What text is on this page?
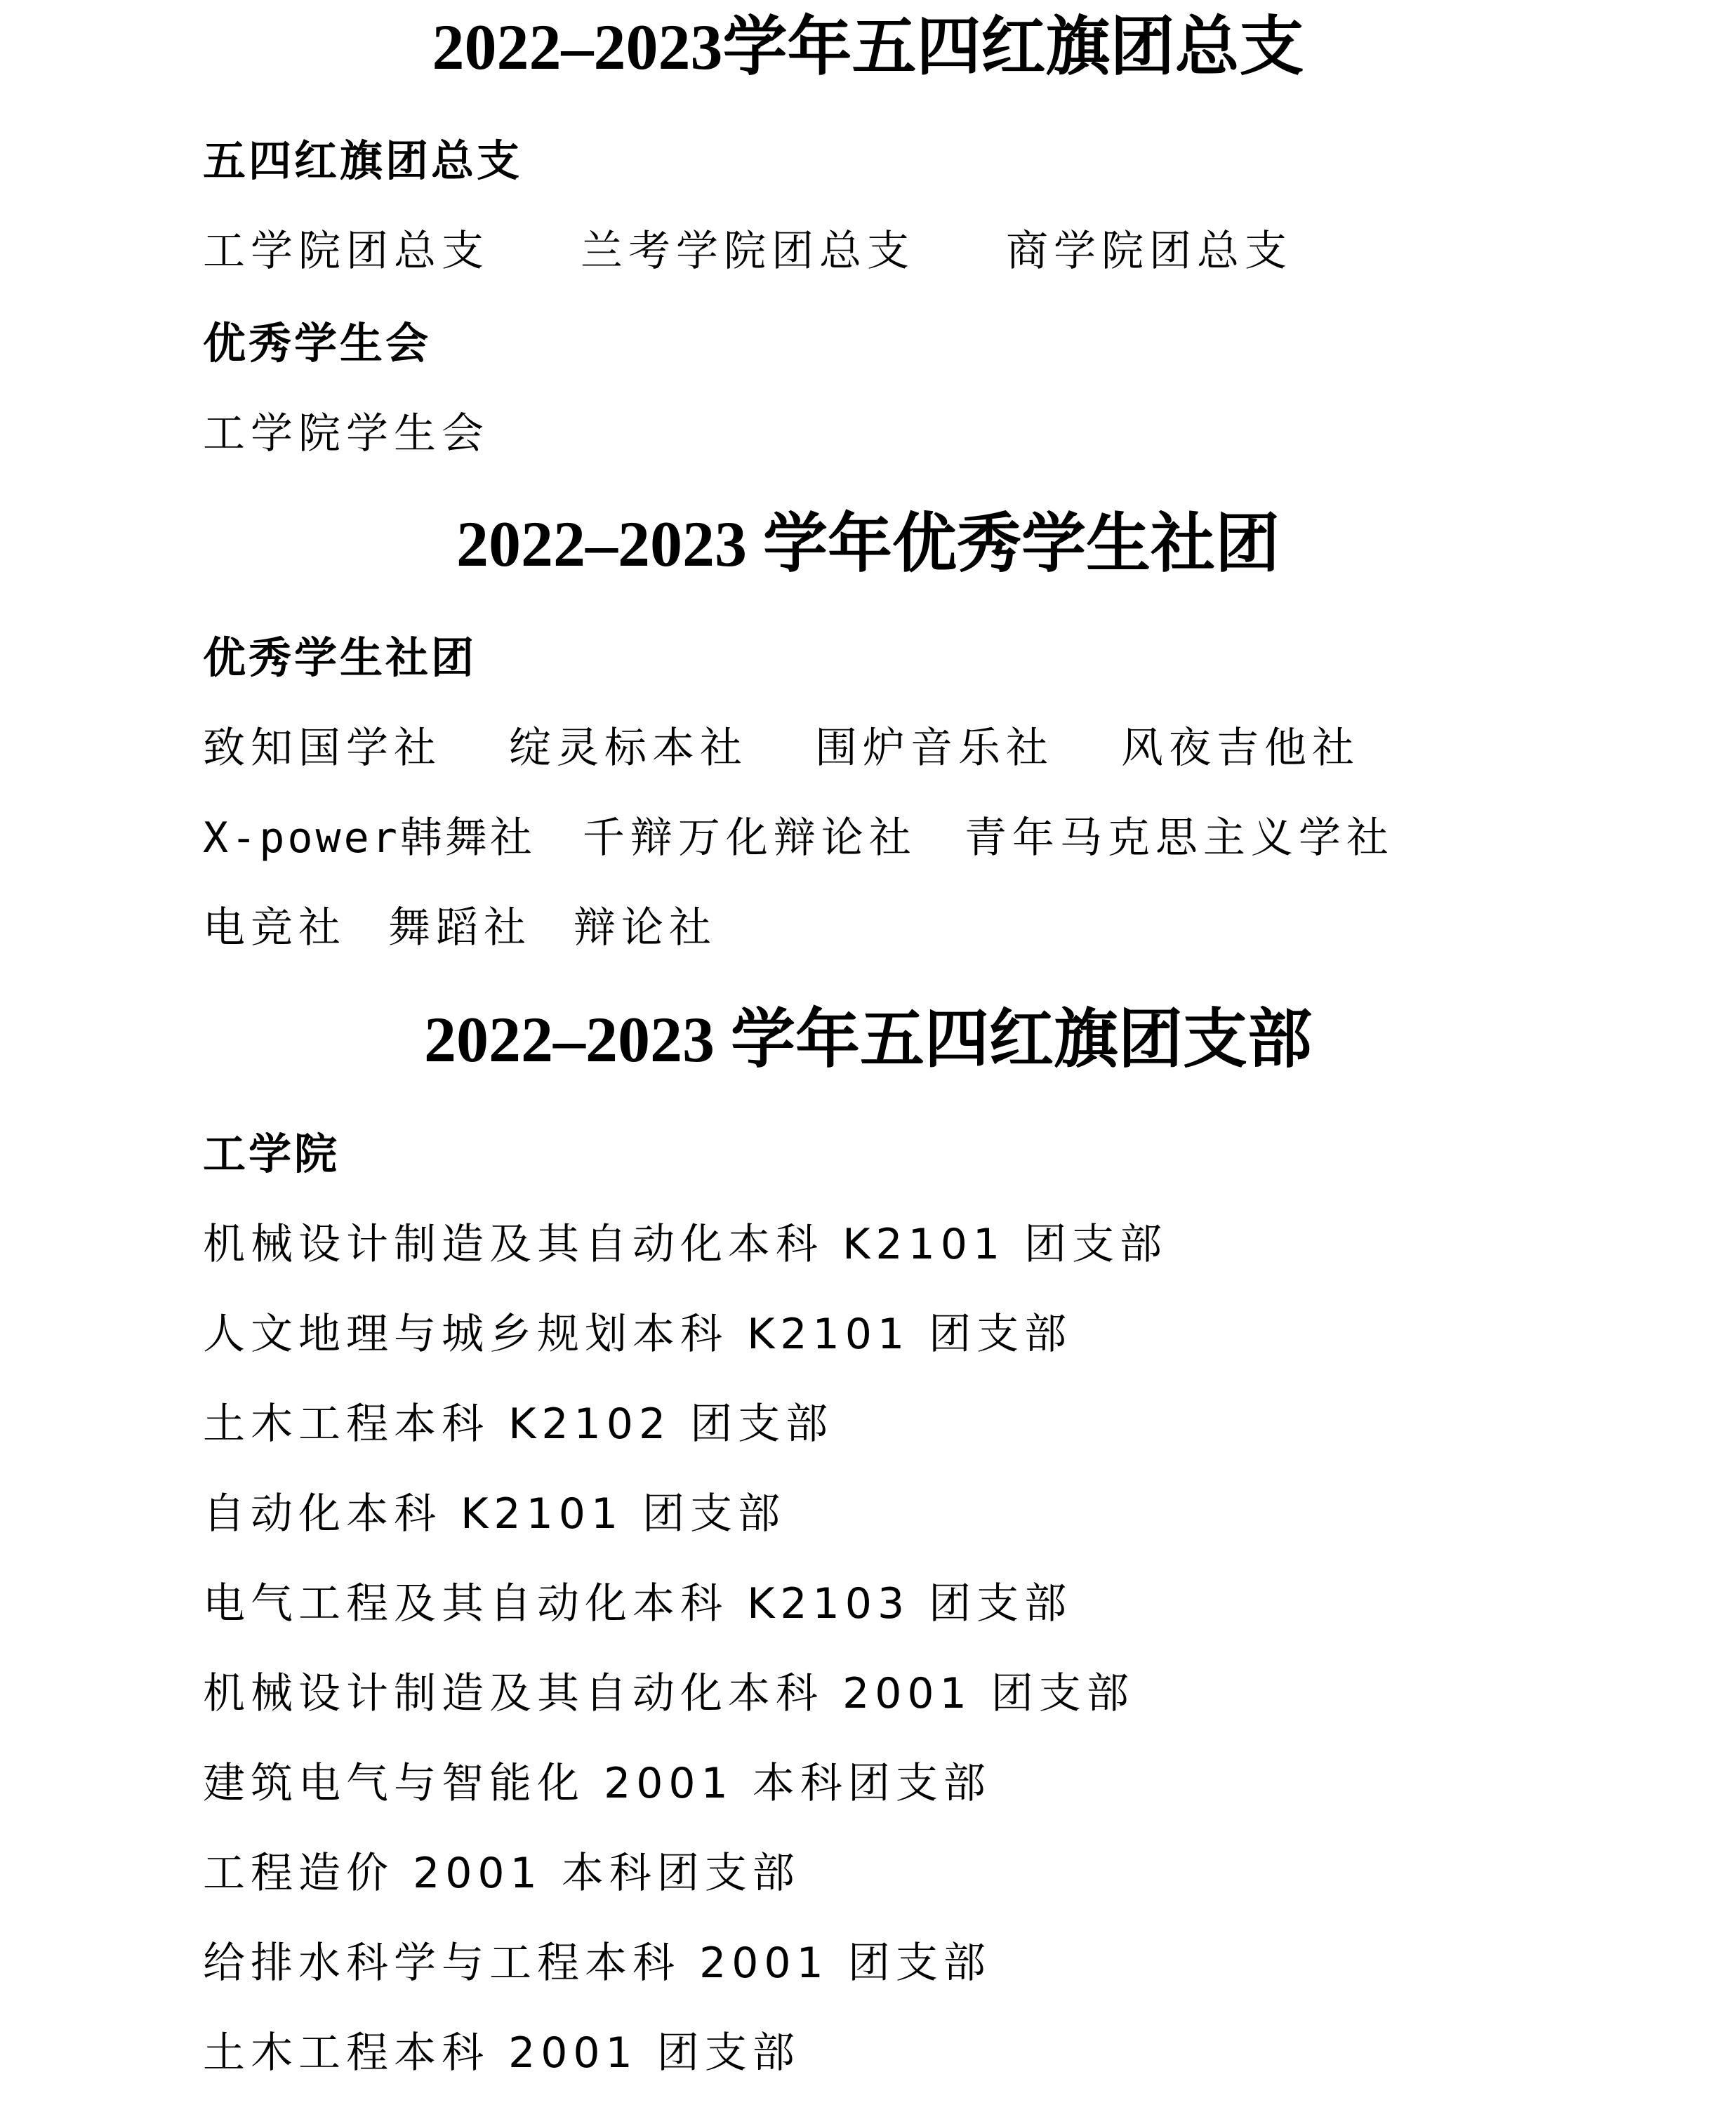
2022–2023学年五四红旗团总支
五四红旗团总支
工学院团总支 兰考学院团总支 商学院团总支
优秀学生会
工学院学生会
2022–2023 学年优秀学生社团
优秀学生社团
致知国学社 绽灵标本社 围炉音乐社 风夜吉他社
X-power韩舞社 千辩万化辩论社 青年马克思主义学社
电竞社 舞蹈社 辩论社
2022–2023 学年五四红旗团支部
工学院
机械设计制造及其自动化本科 K2101 团支部
人文地理与城乡规划本科 K2101 团支部
土木工程本科 K2102 团支部
自动化本科 K2101 团支部
电气工程及其自动化本科 K2103 团支部
机械设计制造及其自动化本科 2001 团支部
建筑电气与智能化 2001 本科团支部
工程造价 2001 本科团支部
给排水科学与工程本科 2001 团支部
土木工程本科 2001 团支部
